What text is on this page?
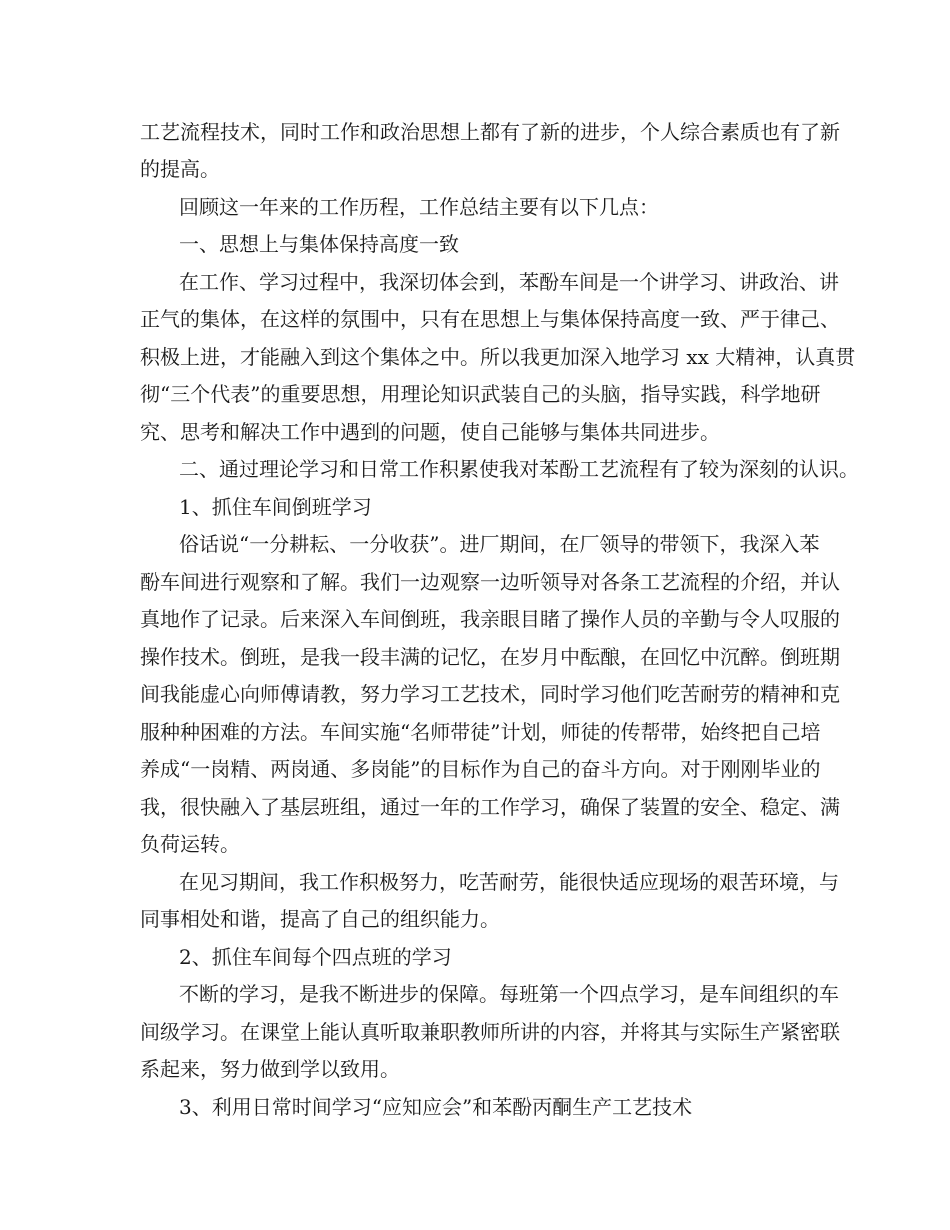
工艺流程技术，同时工作和政治思想上都有了新的进步，个人综合素质也有了新

的提高。

回顾这一年来的工作历程，工作总结主要有以下几点：

一、思想上与集体保持高度一致

在工作、学习过程中，我深切体会到，苯酚车间是一个讲学习、讲政治、讲

正气的集体，在这样的氛围中，只有在思想上与集体保持高度一致、严于律己、

积极上进，才能融入到这个集体之中。所以我更加深入地学习 xx 大精神，认真贯

彻“三个代表”的重要思想，用理论知识武装自己的头脑，指导实践，科学地研

究、思考和解决工作中遇到的问题，使自己能够与集体共同进步。

二、通过理论学习和日常工作积累使我对苯酚工艺流程有了较为深刻的认识。

1、抓住车间倒班学习

俗话说“一分耕耘、一分收获”。进厂期间，在厂领导的带领下，我深入苯

酚车间进行观察和了解。我们一边观察一边听领导对各条工艺流程的介绍，并认

真地作了记录。后来深入车间倒班，我亲眼目睹了操作人员的辛勤与令人叹服的

操作技术。倒班，是我一段丰满的记忆，在岁月中酝酿，在回忆中沉醉。倒班期

间我能虚心向师傅请教，努力学习工艺技术，同时学习他们吃苦耐劳的精神和克

服种种困难的方法。车间实施“名师带徒”计划，师徒的传帮带，始终把自己培

养成“一岗精、两岗通、多岗能”的目标作为自己的奋斗方向。对于刚刚毕业的

我，很快融入了基层班组，通过一年的工作学习，确保了装置的安全、稳定、满

负荷运转。

在见习期间，我工作积极努力，吃苦耐劳，能很快适应现场的艰苦环境，与

同事相处和谐，提高了自己的组织能力。

2、抓住车间每个四点班的学习

不断的学习，是我不断进步的保障。每班第一个四点学习，是车间组织的车

间级学习。在课堂上能认真听取兼职教师所讲的内容，并将其与实际生产紧密联

系起来，努力做到学以致用。

3、利用日常时间学习“应知应会”和苯酚丙酮生产工艺技术
